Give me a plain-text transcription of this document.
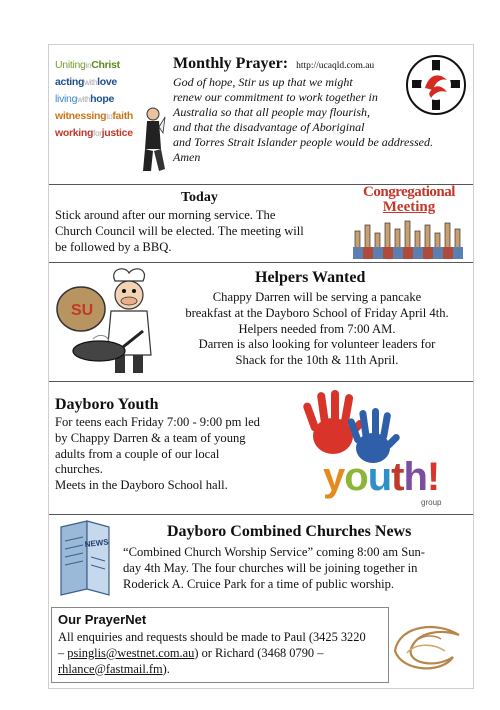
UnitinginChrist
actingwithlove
livingwithhope
witnessingtofaith
workingforjustice
Monthly Prayer: http://ucaqld.com.au
God of hope, Stir us up that we might
renew our commitment to work together in
Australia so that all people may flourish,
and that the disadvantage of Aboriginal
and Torres Strait Islander people would be addressed.
Amen
Today
Stick around after our morning service. The
Church Council will be elected. The meeting will
be followed by a BBQ.
Congregational
Meeting
SU
Helpers Wanted
Chappy Darren will be serving a pancake
breakfast at the Dayboro School of Friday April 4th.
Helpers needed from 7:00 AM.
Darren is also looking for volunteer leaders for
Shack for the 10th & 11th April.
Dayboro Youth
For teens each Friday 7:00 - 9:00 pm led
by Chappy Darren & a team of young
adults from a couple of our local
churches.
Meets in the Dayboro School hall.	youth!
group
NEWS
Dayboro Combined Churches News
“Combined Church Worship Service” coming 8:00 am Sun-
day 4th May. The four churches will be joining together in
Roderick A. Cruice Park for a time of public worship.
Our PrayerNet
All enquiries and requests should be made to Paul (3425 3220
– psinglis@westnet.com.au) or Richard (3468 0790 –
rhlance@fastmail.fm).
